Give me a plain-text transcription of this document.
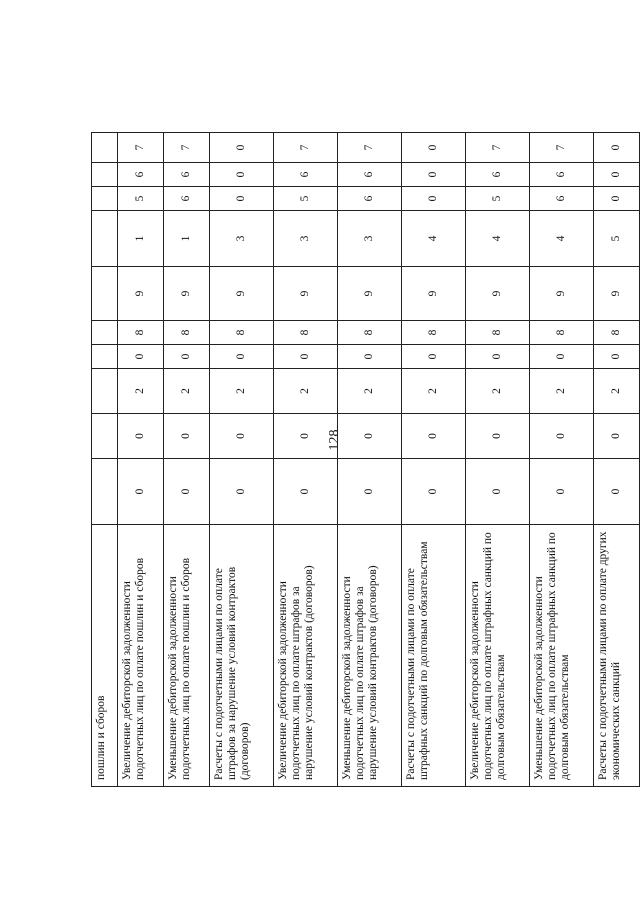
128
пошлин и сборов										
Увеличение дебиторской задолженности подотчетных лиц по оплате пошлин и сборов	0	0	2	0	8	9	1	5	6	7
Уменьшение дебиторской задолженности подотчетных лиц по оплате пошлин и сборов	0	0	2	0	8	9	1	6	6	7
Расчеты с подотчетными лицами по оплате штрафов за нарушение условий контрактов (договоров)	0	0	2	0	8	9	3	0	0	0
Увеличение дебиторской задолженности подотчетных лиц по оплате штрафов за нарушение условий контрактов (договоров)	0	0	2	0	8	9	3	5	6	7
Уменьшение дебиторской задолженности подотчетных лиц по оплате штрафов за нарушение условий контрактов (договоров)	0	0	2	0	8	9	3	6	6	7
Расчеты с подотчетными лицами по оплате штрафных санкций по долговым обязательствам	0	0	2	0	8	9	4	0	0	0
Увеличение дебиторской задолженности подотчетных лиц по оплате штрафных санкций по долговым обязательствам	0	0	2	0	8	9	4	5	6	7
Уменьшение дебиторской задолженности подотчетных лиц по оплате штрафных санкций по долговым обязательствам	0	0	2	0	8	9	4	6	6	7
Расчеты с подотчетными лицами по оплате других экономических санкций	0	0	2	0	8	9	5	0	0	0
